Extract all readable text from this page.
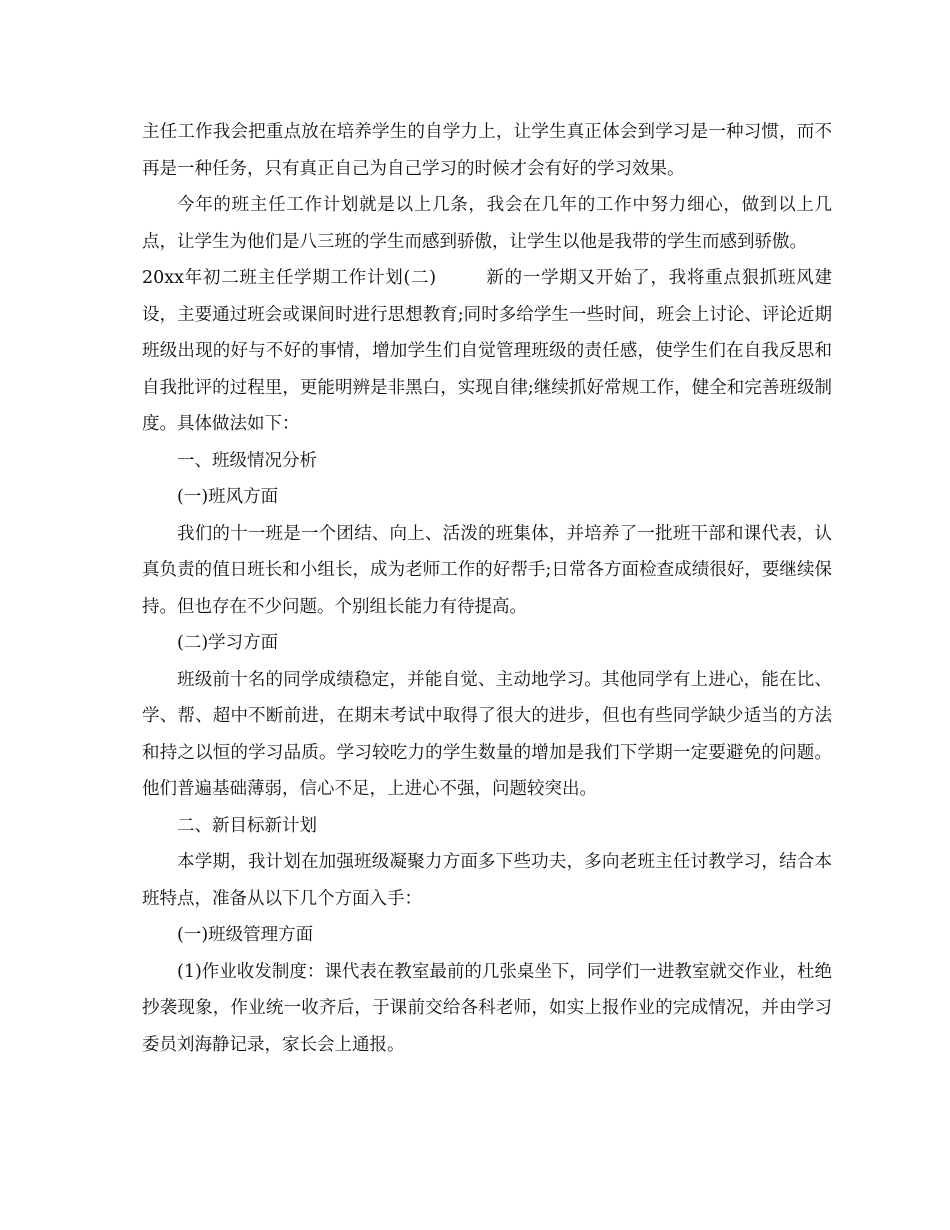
主任工作我会把重点放在培养学生的自学力上，让学生真正体会到学习是一种习惯，而不再是一种任务，只有真正自己为自己学习的时候才会有好的学习效果。

今年的班主任工作计划就是以上几条，我会在几年的工作中努力细心，做到以上几点，让学生为他们是八三班的学生而感到骄傲，让学生以他是我带的学生而感到骄傲。

20xx年初二班主任学期工作计划(二)	新的一学期又开始了，我将重点狠抓班风建设，主要通过班会或课间时进行思想教育;同时多给学生一些时间，班会上讨论、评论近期班级出现的好与不好的事情，增加学生们自觉管理班级的责任感，使学生们在自我反思和自我批评的过程里，更能明辨是非黑白，实现自律;继续抓好常规工作，健全和完善班级制度。具体做法如下：

一、班级情况分析

(一)班风方面

我们的十一班是一个团结、向上、活泼的班集体，并培养了一批班干部和课代表，认真负责的值日班长和小组长，成为老师工作的好帮手;日常各方面检查成绩很好，要继续保持。但也存在不少问题。个别组长能力有待提高。

(二)学习方面

班级前十名的同学成绩稳定，并能自觉、主动地学习。其他同学有上进心，能在比、学、帮、超中不断前进，在期末考试中取得了很大的进步，但也有些同学缺少适当的方法和持之以恒的学习品质。学习较吃力的学生数量的增加是我们下学期一定要避免的问题。他们普遍基础薄弱，信心不足，上进心不强，问题较突出。

二、新目标新计划

本学期，我计划在加强班级凝聚力方面多下些功夫，多向老班主任讨教学习，结合本班特点，准备从以下几个方面入手：

(一)班级管理方面

(1)作业收发制度：课代表在教室最前的几张桌坐下，同学们一进教室就交作业，杜绝抄袭现象，作业统一收齐后，于课前交给各科老师，如实上报作业的完成情况，并由学习委员刘海静记录，家长会上通报。
